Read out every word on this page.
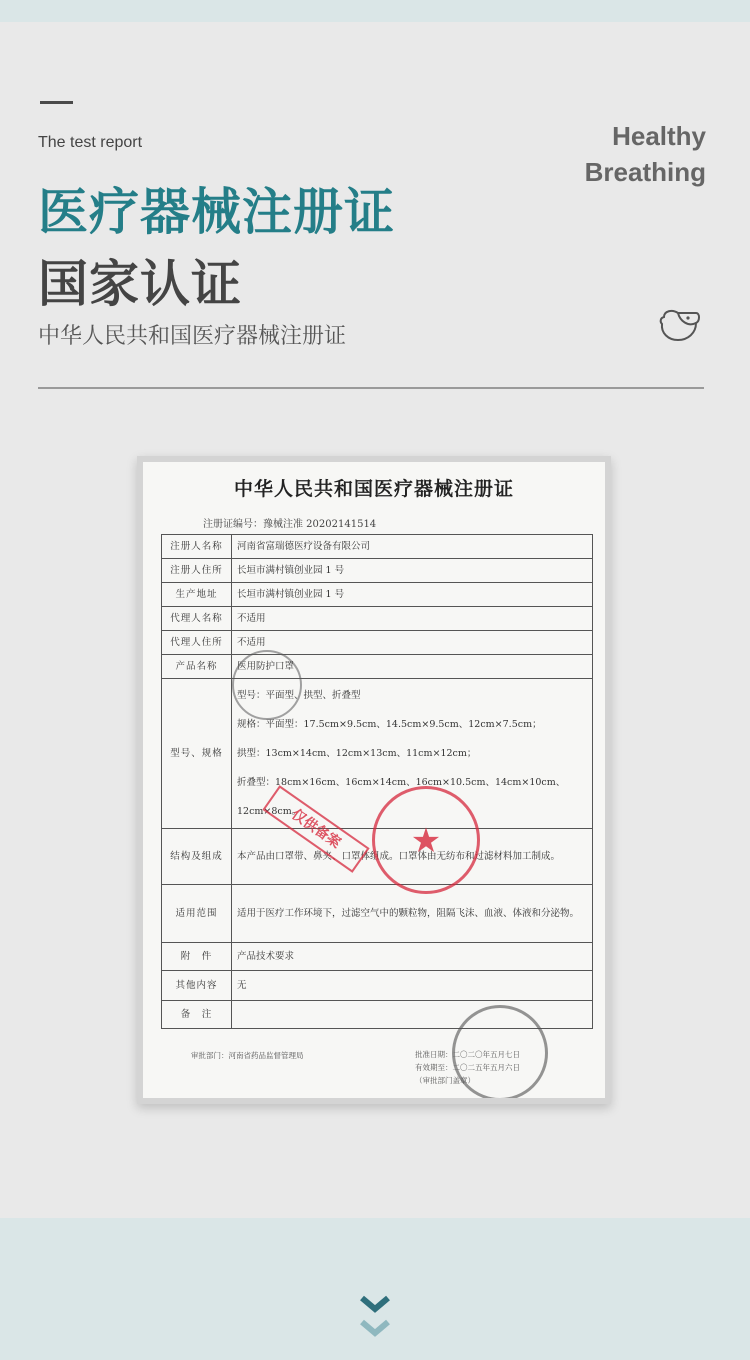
The test report
医疗器械注册证
国家认证
中华人民共和国医疗器械注册证
Healthy
Breathing
中华人民共和国医疗器械注册证
注册证编号：豫械注准 20202141514
注册人名称	河南省富瑞德医疗设备有限公司
注册人住所	长垣市满村镇创业园 1 号
生产地址	长垣市满村镇创业园 1 号
代理人名称	不适用
代理人住所	不适用
产品名称	医用防护口罩
型号、规格	型号：平面型、拱型、折叠型
规格：平面型：17.5cm×9.5cm、14.5cm×9.5cm、12cm×7.5cm；
拱型：13cm×14cm、12cm×13cm、11cm×12cm；
折叠型：18cm×16cm、16cm×14cm、16cm×10.5cm、14cm×10cm、
12cm×8cm。

结构及组成	本产品由口罩带、鼻夹、口罩体组成。口罩体由无纺布和过滤材料加工制成。
适用范围	适用于医疗工作环境下，过滤空气中的颗粒物，阻隔飞沫、血液、体液和分泌物。
附　件	产品技术要求
其他内容	无
备　注	
审批部门：河南省药品监督管理局	批准日期：二〇二〇年五月七日
有效期至：二〇二五年五月六日
（审批部门盖章）
★
仅供备案
